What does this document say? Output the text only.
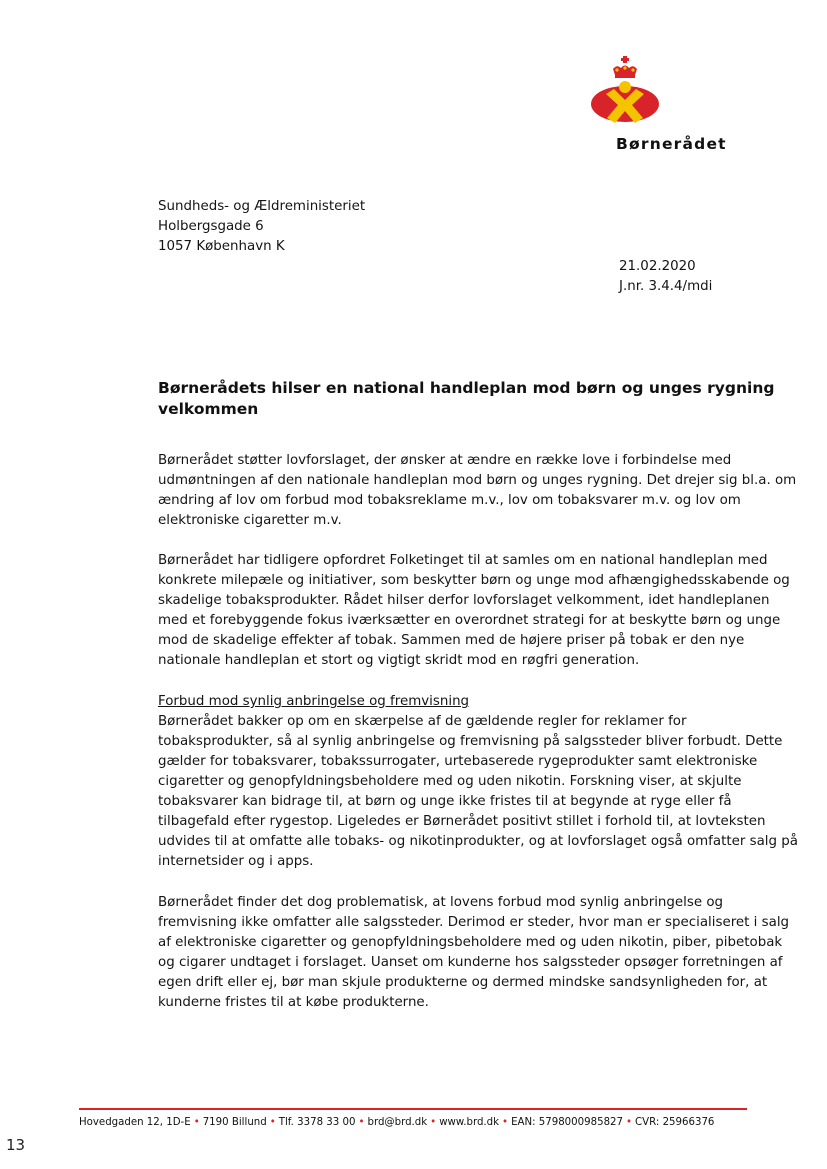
Børnerådet
Sundheds- og Ældreministeriet
Holbergsgade 6
1057 København K
21.02.2020
J.nr. 3.4.4/mdi
Børnerådets hilser en national handleplan mod børn og unges rygning
velkommen
Børnerådet støtter lovforslaget, der ønsker at ændre en række love i forbindelse med
udmøntningen af den nationale handleplan mod børn og unges rygning. Det drejer sig bl.a. om
ændring af lov om forbud mod tobaksreklame m.v., lov om tobaksvarer m.v. og lov om
elektroniske cigaretter m.v.
Børnerådet har tidligere opfordret Folketinget til at samles om en national handleplan med
konkrete milepæle og initiativer, som beskytter børn og unge mod afhængighedsskabende og
skadelige tobaksprodukter. Rådet hilser derfor lovforslaget velkomment, idet handleplanen
med et forebyggende fokus iværksætter en overordnet strategi for at beskytte børn og unge
mod de skadelige effekter af tobak. Sammen med de højere priser på tobak er den nye
nationale handleplan et stort og vigtigt skridt mod en røgfri generation.
Forbud mod synlig anbringelse og fremvisning
Børnerådet bakker op om en skærpelse af de gældende regler for reklamer for
tobaksprodukter, så al synlig anbringelse og fremvisning på salgssteder bliver forbudt. Dette
gælder for tobaksvarer, tobakssurrogater, urtebaserede rygeprodukter samt elektroniske
cigaretter og genopfyldningsbeholdere med og uden nikotin. Forskning viser, at skjulte
tobaksvarer kan bidrage til, at børn og unge ikke fristes til at begynde at ryge eller få
tilbagefald efter rygestop. Ligeledes er Børnerådet positivt stillet i forhold til, at lovteksten
udvides til at omfatte alle tobaks- og nikotinprodukter, og at lovforslaget også omfatter salg på
internetsider og i apps.
Børnerådet finder det dog problematisk, at lovens forbud mod synlig anbringelse og
fremvisning ikke omfatter alle salgssteder. Derimod er steder, hvor man er specialiseret i salg
af elektroniske cigaretter og genopfyldningsbeholdere med og uden nikotin, piber, pibetobak
og cigarer undtaget i forslaget. Uanset om kunderne hos salgssteder opsøger forretningen af
egen drift eller ej, bør man skjule produkterne og dermed mindske sandsynligheden for, at
kunderne fristes til at købe produkterne.
Hovedgaden 12, 1D-E • 7190 Billund • Tlf. 3378 33 00 • brd@brd.dk • www.brd.dk • EAN: 5798000985827 • CVR: 25966376
13
